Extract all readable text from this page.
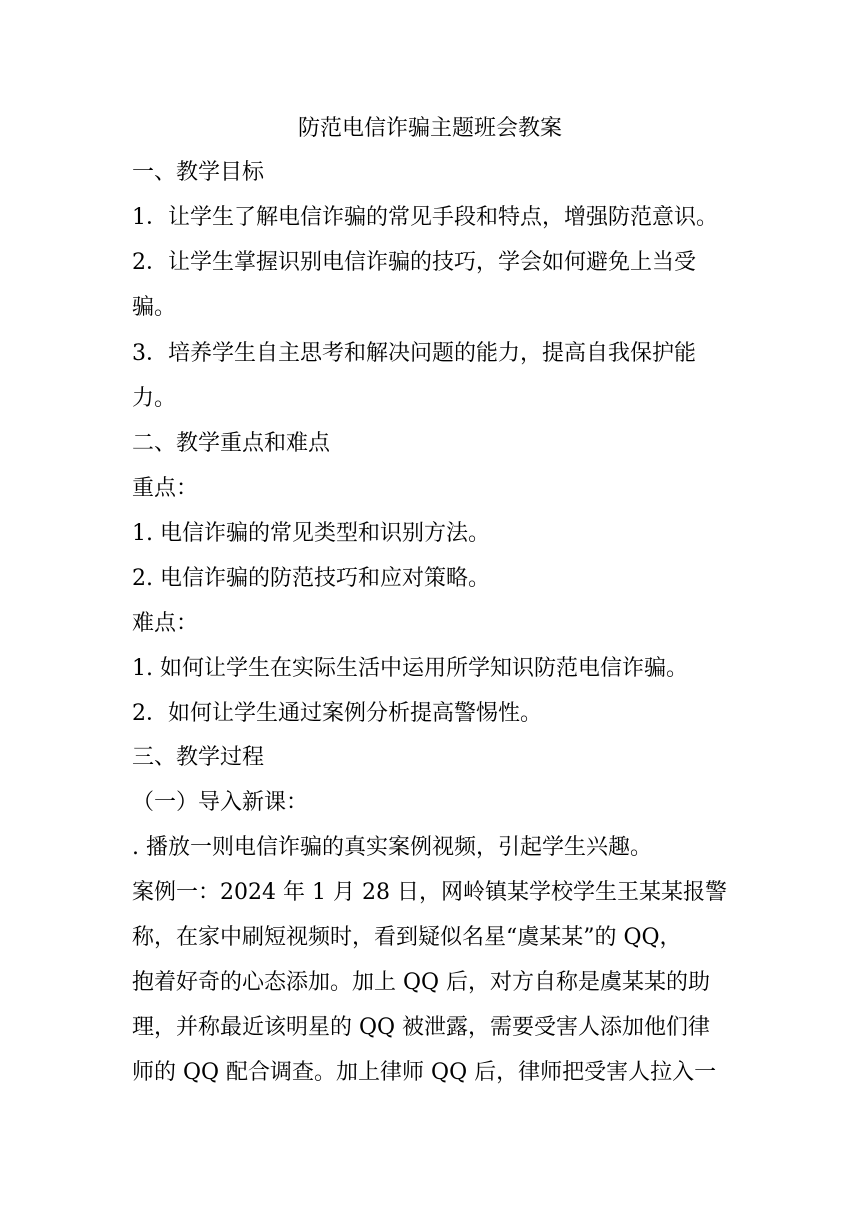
防范电信诈骗主题班会教案
一、教学目标
1．让学生了解电信诈骗的常见手段和特点，增强防范意识。
2．让学生掌握识别电信诈骗的技巧，学会如何避免上当受
骗。
3．培养学生自主思考和解决问题的能力，提高自我保护能
力。
二、教学重点和难点
重点：
1. 电信诈骗的常见类型和识别方法。
2. 电信诈骗的防范技巧和应对策略。
难点：
1. 如何让学生在实际生活中运用所学知识防范电信诈骗。
2．如何让学生通过案例分析提高警惕性。
三、教学过程
（一）导入新课：
. 播放一则电信诈骗的真实案例视频，引起学生兴趣。
案例一：2024 年 1 月 28 日，网岭镇某学校学生王某某报警
称，在家中刷短视频时，看到疑似名星“虞某某”的 QQ，
抱着好奇的心态添加。加上 QQ 后，对方自称是虞某某的助
理，并称最近该明星的 QQ 被泄露，需要受害人添加他们律
师的 QQ 配合调查。加上律师 QQ 后，律师把受害人拉入一
